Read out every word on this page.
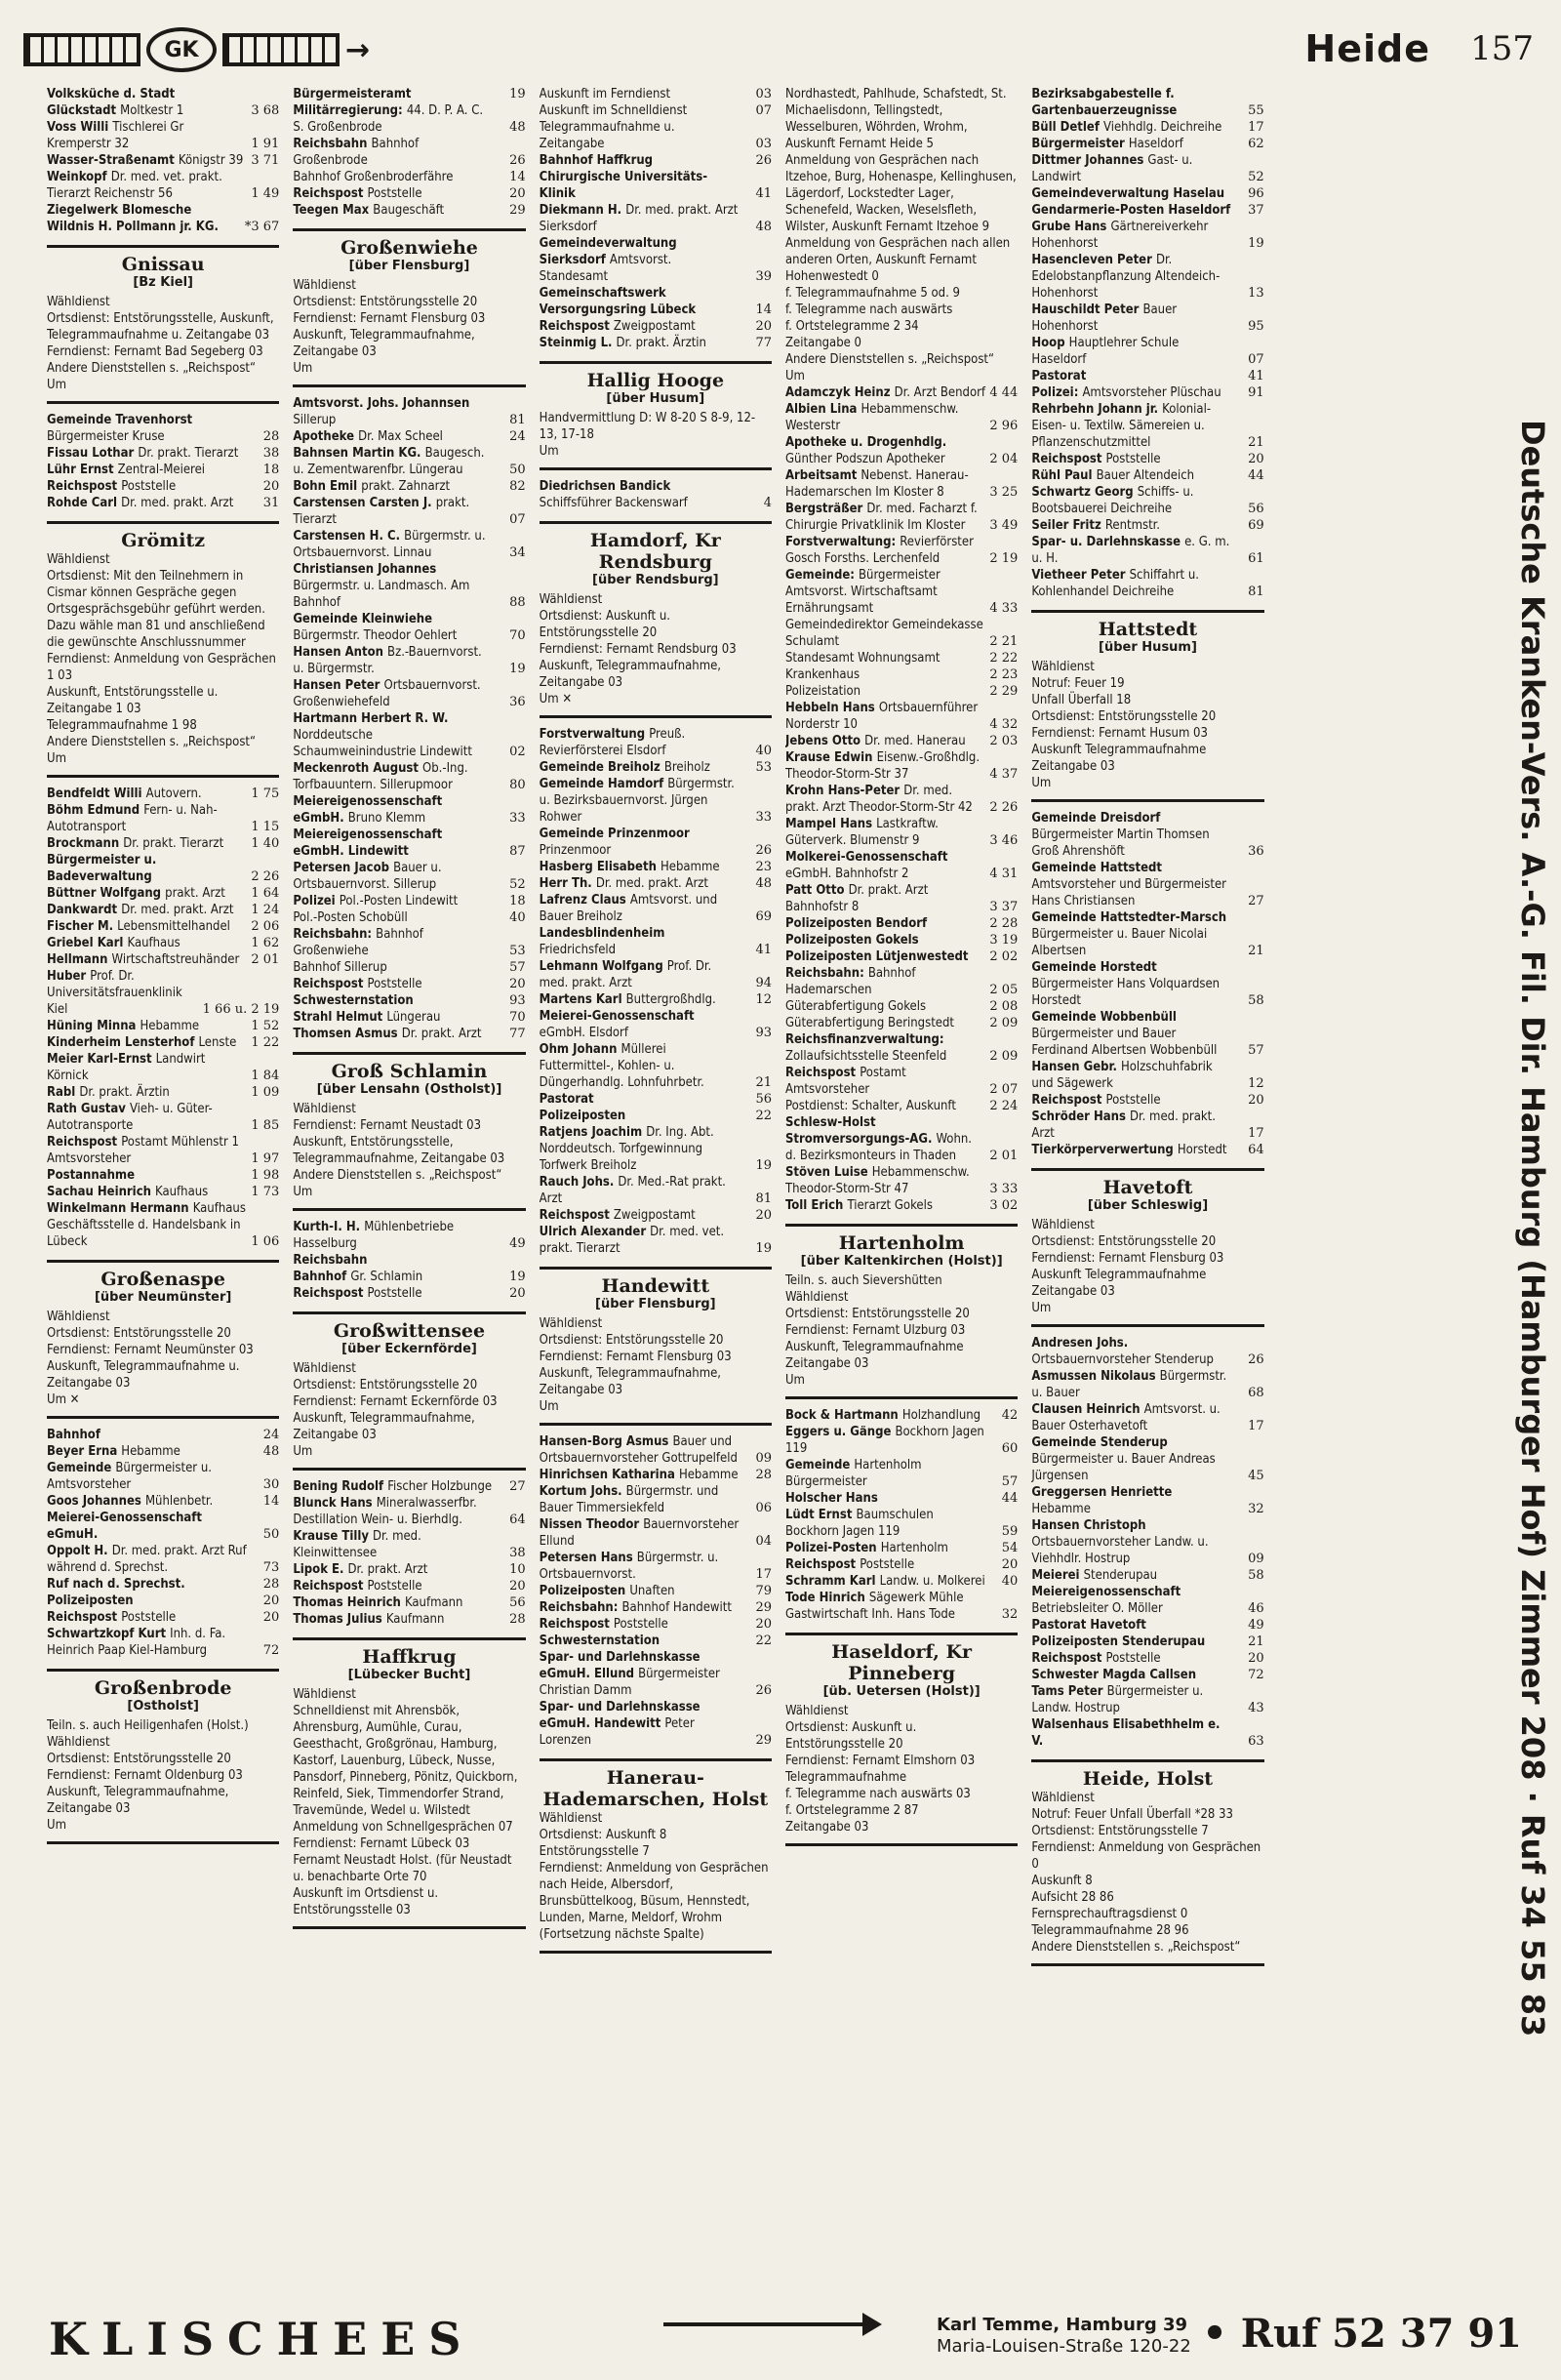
GK	→	Heide 157
Volksküche d. Stadt Glückstadt Moltkestr 1	3 68
Voss Willi Tischlerei Gr Kremperstr 32	1 91
Wasser-Straßenamt Königstr 39 3 71
Weinkopf Dr. med. vet. prakt. Tierarzt Reichenstr 56	1 49
Ziegelwerk Blomesche Wildnis H. Pollmann jr. KG.	*3 67
Gnissau
[Bz Kiel]
Wähldienst
Ortsdienst: Entstörungsstelle, Auskunft, Telegrammaufnahme u. Zeitangabe 03
Ferndienst: Fernamt Bad Segeberg 03
Andere Dienststellen s. „Reichspost“
Um
Gemeinde Travenhorst Bürgermeister Kruse	28
Fissau Lothar Dr. prakt. Tierarzt	38
Lühr Ernst Zentral-Meierei	18
Reichspost Poststelle	20
Rohde Carl Dr. med. prakt. Arzt	31
Grömitz
Wähldienst
Ortsdienst: Mit den Teilnehmern in Cismar können Gespräche gegen Ortsgesprächsgebühr geführt werden. Dazu wähle man 81 und anschließend die gewünschte Anschlussnummer
Ferndienst: Anmeldung von Gesprächen 1 03
Auskunft, Entstörungsstelle u. Zeitangabe 1 03
Telegrammaufnahme 1 98
Andere Dienststellen s. „Reichspost“
Um
Bendfeldt Willi Autovern.	1 75
Böhm Edmund Fern- u. Nah-Autotransport	1 15
Brockmann Dr. prakt. Tierarzt	1 40
Bürgermeister u. Badeverwaltung	2 26
Büttner Wolfgang prakt. Arzt	1 64
Dankwardt Dr. med. prakt. Arzt	1 24
Fischer M. Lebensmittelhandel	2 06
Griebel Karl Kaufhaus	1 62
Hellmann Wirtschaftstreuhänder 2 01
Huber Prof. Dr. Universitätsfrauenklinik Kiel	1 66 u. 2 19
Hüning Minna Hebamme	1 52
Kinderheim Lensterhof Lenste	1 22
Meier Karl-Ernst Landwirt Körnick	1 84
Rabl Dr. prakt. Ärztin	1 09
Rath Gustav Vieh- u. Güter-Autotransporte	1 85
Reichspost Postamt Mühlenstr 1 Amtsvorsteher	1 97
Postannahme	1 98
Sachau Heinrich Kaufhaus	1 73
Winkelmann Hermann Kaufhaus Geschäftsstelle d. Handelsbank in Lübeck	1 06
Großenaspe
[über Neumünster]
Wähldienst
Ortsdienst: Entstörungsstelle 20
Ferndienst: Fernamt Neumünster 03
Auskunft, Telegrammaufnahme u. Zeitangabe 03
Um ✕
Bahnhof	24
Beyer Erna Hebamme	48
Gemeinde Bürgermeister u. Amtsvorsteher	30
Goos Johannes Mühlenbetr.	14
Meierei-Genossenschaft eGmuH.	50
Oppolt H. Dr. med. prakt. Arzt Ruf während d. Sprechst.	73
Ruf nach d. Sprechst.	28
Polizeiposten	20
Reichspost Poststelle	20
Schwartzkopf Kurt Inh. d. Fa. Heinrich Paap Kiel-Hamburg	72
Großenbrode
[Ostholst]
Teiln. s. auch Heiligenhafen (Holst.)
Wähldienst
Ortsdienst: Entstörungsstelle 20
Ferndienst: Fernamt Oldenburg 03
Auskunft, Telegrammaufnahme, Zeitangabe 03
Um
Bürgermeisteramt	19
Militärregierung: 44. D. P. A. C. S. Großenbrode	48
Reichsbahn Bahnhof Großenbrode	26
Bahnhof Großenbroderfähre	14
Reichspost Poststelle	20
Teegen Max Baugeschäft	29
Großenwiehe
[über Flensburg]
Wähldienst
Ortsdienst: Entstörungsstelle 20
Ferndienst: Fernamt Flensburg 03
Auskunft, Telegrammaufnahme, Zeitangabe 03
Um
Amtsvorst. Johs. Johannsen Sillerup	81
Apotheke Dr. Max Scheel	24
Bahnsen Martin KG. Baugesch. u. Zementwarenfbr. Lüngerau	50
Bohn Emil prakt. Zahnarzt	82
Carstensen Carsten J. prakt. Tierarzt	07
Carstensen H. C. Bürgermstr. u. Ortsbauernvorst. Linnau	34
Christiansen Johannes Bürgermstr. u. Landmasch. Am Bahnhof	88
Gemeinde Kleinwiehe Bürgermstr. Theodor Oehlert	70
Hansen Anton Bz.-Bauernvorst. u. Bürgermstr.	19
Hansen Peter Ortsbauernvorst. Großenwiehefeld	36
Hartmann Herbert R. W. Norddeutsche Schaumweinindustrie Lindewitt	02
Meckenroth August Ob.-Ing. Torfbauuntern. Sillerupmoor	80
Meiereigenossenschaft eGmbH. Bruno Klemm	33
Meiereigenossenschaft eGmbH. Lindewitt	87
Petersen Jacob Bauer u. Ortsbauernvorst. Sillerup	52
Polizei Pol.-Posten Lindewitt	18
Pol.-Posten Schobüll	40
Reichsbahn: Bahnhof Großenwiehe	53
Bahnhof Sillerup	57
Reichspost Poststelle	20
Schwesternstation	93
Strahl Helmut Lüngerau	70
Thomsen Asmus Dr. prakt. Arzt	77
Groß Schlamin
[über Lensahn (Ostholst)]
Wähldienst
Ferndienst: Fernamt Neustadt 03
Auskunft, Entstörungsstelle, Telegrammaufnahme, Zeitangabe 03
Andere Dienststellen s. „Reichspost“
Um
Kurth-I. H. Mühlenbetriebe Hasselburg	49
Reichsbahn
Bahnhof Gr. Schlamin	19
Reichspost Poststelle	20
Großwittensee
[über Eckernförde]
Wähldienst
Ortsdienst: Entstörungsstelle 20
Ferndienst: Fernamt Eckernförde 03
Auskunft, Telegrammaufnahme, Zeitangabe 03
Um
Bening Rudolf Fischer Holzbunge	27
Blunck Hans Mineralwasserfbr. Destillation Wein- u. Bierhdlg.	64
Krause Tilly Dr. med. Kleinwittensee	38
Lipok E. Dr. prakt. Arzt	10
Reichspost Poststelle	20
Thomas Heinrich Kaufmann	56
Thomas Julius Kaufmann	28
Haffkrug
[Lübecker Bucht]
Wähldienst
Schnelldienst mit Ahrensbök, Ahrensburg, Aumühle, Curau, Geesthacht, Großgrönau, Hamburg, Kastorf, Lauenburg, Lübeck, Nusse, Pansdorf, Pinneberg, Pönitz, Quickborn, Reinfeld, Siek, Timmendorfer Strand, Travemünde, Wedel u. Wilstedt
Anmeldung von Schnellgesprächen 07
Ferndienst: Fernamt Lübeck 03
Fernamt Neustadt Holst. (für Neustadt u. benachbarte Orte 70
Auskunft im Ortsdienst u. Entstörungsstelle 03
Auskunft im Ferndienst	03
Auskunft im Schnelldienst	07
Telegrammaufnahme u. Zeitangabe	03
Bahnhof Haffkrug	26
Chirurgische Universitäts-Klinik	41
Diekmann H. Dr. med. prakt. Arzt Sierksdorf	48
Gemeindeverwaltung Sierksdorf Amtsvorst. Standesamt	39
Gemeinschaftswerk Versorgungsring Lübeck	14
Reichspost Zweigpostamt	20
Steinmig L. Dr. prakt. Ärztin	77
Hallig Hooge
[über Husum]
Handvermittlung D: W 8-20 S 8-9, 12-13, 17-18
Um
Diedrichsen Bandick Schiffsführer Backenswarf	4
Hamdorf, Kr Rendsburg
[über Rendsburg]
Wähldienst
Ortsdienst: Auskunft u. Entstörungsstelle 20
Ferndienst: Fernamt Rendsburg 03
Auskunft, Telegrammaufnahme, Zeitangabe 03
Um ✕
Forstverwaltung Preuß. Revierförsterei Elsdorf	40
Gemeinde Breiholz Breiholz	53
Gemeinde Hamdorf Bürgermstr. u. Bezirksbauernvorst. Jürgen Rohwer	33
Gemeinde Prinzenmoor Prinzenmoor	26
Hasberg Elisabeth Hebamme	23
Herr Th. Dr. med. prakt. Arzt	48
Lafrenz Claus Amtsvorst. und Bauer Breiholz	69
Landesblindenheim Friedrichsfeld	41
Lehmann Wolfgang Prof. Dr. med. prakt. Arzt	94
Martens Karl Buttergroßhdlg.	12
Meierei-Genossenschaft eGmbH. Elsdorf	93
Ohm Johann Müllerei Futtermittel-, Kohlen- u. Düngerhandlg. Lohnfuhrbetr.	21
Pastorat	56
Polizeiposten	22
Ratjens Joachim Dr. Ing. Abt. Norddeutsch. Torfgewinnung Torfwerk Breiholz	19
Rauch Johs. Dr. Med.-Rat prakt. Arzt	81
Reichspost Zweigpostamt	20
Ulrich Alexander Dr. med. vet. prakt. Tierarzt	19
Handewitt
[über Flensburg]
Wähldienst
Ortsdienst: Entstörungsstelle 20
Ferndienst: Fernamt Flensburg 03
Auskunft, Telegrammaufnahme, Zeitangabe 03
Um
Hansen-Borg Asmus Bauer und Ortsbauernvorsteher Gottrupelfeld	09
Hinrichsen Katharina Hebamme	28
Kortum Johs. Bürgermstr. und Bauer Timmersiekfeld	06
Nissen Theodor Bauernvorsteher Ellund	04
Petersen Hans Bürgermstr. u. Ortsbauernvorst.	17
Polizeiposten Unaften	79
Reichsbahn: Bahnhof Handewitt	29
Reichspost Poststelle	20
Schwesternstation	22
Spar- und Darlehnskasse eGmuH. Ellund Bürgermeister Christian Damm	26
Spar- und Darlehnskasse eGmuH. Handewitt Peter Lorenzen	29
Hanerau-Hademarschen, Holst
Wähldienst
Ortsdienst: Auskunft 8
Entstörungsstelle 7
Ferndienst: Anmeldung von Gesprächen nach Heide, Albersdorf, Brunsbüttelkoog, Büsum, Hennstedt, Lunden, Marne, Meldorf, Wrohm
(Fortsetzung nächste Spalte)
Nordhastedt, Pahlhude, Schafstedt, St. Michaelisdonn, Tellingstedt, Wesselburen, Wöhrden, Wrohm, Auskunft Fernamt Heide 5
Anmeldung von Gesprächen nach Itzehoe, Burg, Hohenaspe, Kellinghusen, Lägerdorf, Lockstedter Lager, Schenefeld, Wacken, Weselsfleth, Wilster, Auskunft Fernamt Itzehoe 9
Anmeldung von Gesprächen nach allen anderen Orten, Auskunft Fernamt Hohenwestedt 0
f. Telegrammaufnahme 5 od. 9
f. Telegramme nach auswärts
f. Ortstelegramme 2 34
Zeitangabe 0
Andere Dienststellen s. „Reichspost“
Um
Adamczyk Heinz Dr. Arzt Bendorf 4 44
Albien Lina Hebammenschw. Westerstr	2 96
Apotheke u. Drogenhdlg. Günther Podszun Apotheker	2 04
Arbeitsamt Nebenst. Hanerau-Hademarschen Im Kloster 8	3 25
Bergsträßer Dr. med. Facharzt f. Chirurgie Privatklinik Im Kloster	3 49
Forstverwaltung: Revierförster Gosch Forsths. Lerchenfeld	2 19
Gemeinde: Bürgermeister Amtsvorst. Wirtschaftsamt Ernährungsamt	4 33
Gemeindedirektor Gemeindekasse Schulamt	2 21
Standesamt Wohnungsamt	2 22
Krankenhaus	2 23
Polizeistation	2 29
Hebbeln Hans Ortsbauernführer Norderstr 10	4 32
Jebens Otto Dr. med. Hanerau	2 03
Krause Edwin Eisenw.-Großhdlg. Theodor-Storm-Str 37	4 37
Krohn Hans-Peter Dr. med. prakt. Arzt Theodor-Storm-Str 42	2 26
Mampel Hans Lastkraftw. Güterverk. Blumenstr 9	3 46
Molkerei-Genossenschaft eGmbH. Bahnhofstr 2	4 31
Patt Otto Dr. prakt. Arzt Bahnhofstr 8	3 37
Polizeiposten Bendorf	2 28
Polizeiposten Gokels	3 19
Polizeiposten Lütjenwestedt	2 02
Reichsbahn: Bahnhof Hademarschen	2 05
Güterabfertigung Gokels	2 08
Güterabfertigung Beringstedt	2 09
Reichsfinanzverwaltung: Zollaufsichtsstelle Steenfeld	2 09
Reichspost Postamt Amtsvorsteher	2 07
Postdienst: Schalter, Auskunft	2 24
Schlesw-Holst Stromversorgungs-AG. Wohn. d. Bezirksmonteurs in Thaden	2 01
Stöven Luise Hebammenschw. Theodor-Storm-Str 47	3 33
Toll Erich Tierarzt Gokels	3 02
Hartenholm
[über Kaltenkirchen (Holst)]
Teiln. s. auch Sievershütten
Wähldienst
Ortsdienst: Entstörungsstelle 20
Ferndienst: Fernamt Ulzburg 03
Auskunft, Telegrammaufnahme Zeitangabe 03
Um
Bock & Hartmann Holzhandlung	42
Eggers u. Gänge Bockhorn Jagen 119	60
Gemeinde Hartenholm Bürgermeister	57
Holscher Hans	44
Lüdt Ernst Baumschulen Bockhorn Jagen 119	59
Polizei-Posten Hartenholm	54
Reichspost Poststelle	20
Schramm Karl Landw. u. Molkerei	40
Tode Hinrich Sägewerk Mühle Gastwirtschaft Inh. Hans Tode	32
Haseldorf, Kr Pinneberg
[üb. Uetersen (Holst)]
Wähldienst
Ortsdienst: Auskunft u. Entstörungsstelle 20
Ferndienst: Fernamt Elmshorn 03
Telegrammaufnahme
f. Telegramme nach auswärts 03
f. Ortstelegramme 2 87
Zeitangabe 03
Bezirksabgabestelle f. Gartenbauerzeugnisse	55
Büll Detlef Viehhdlg. Deichreihe	17
Bürgermeister Haseldorf	62
Dittmer Johannes Gast- u. Landwirt	52
Gemeindeverwaltung Haselau	96
Gendarmerie-Posten Haseldorf	37
Grube Hans Gärtnereiverkehr Hohenhorst	19
Hasencleven Peter Dr. Edelobstanpflanzung Altendeich-Hohenhorst	13
Hauschildt Peter Bauer Hohenhorst	95
Hoop Hauptlehrer Schule Haseldorf	07
Pastorat	41
Polizei: Amtsvorsteher Plüschau	91
Rehrbehn Johann jr. Kolonial-Eisen- u. Textilw. Sämereien u. Pflanzenschutzmittel	21
Reichspost Poststelle	20
Rühl Paul Bauer Altendeich	44
Schwartz Georg Schiffs- u. Bootsbauerei Deichreihe	56
Seiler Fritz Rentmstr.	69
Spar- u. Darlehnskasse e. G. m. u. H.	61
Vietheer Peter Schiffahrt u. Kohlenhandel Deichreihe	81
Hattstedt
[über Husum]
Wähldienst
Notruf: Feuer 19
Unfall Überfall 18
Ortsdienst: Entstörungsstelle 20
Ferndienst: Fernamt Husum 03
Auskunft Telegrammaufnahme Zeitangabe 03
Um
Gemeinde Dreisdorf Bürgermeister Martin Thomsen Groß Ahrenshöft	36
Gemeinde Hattstedt Amtsvorsteher und Bürgermeister Hans Christiansen	27
Gemeinde Hattstedter-Marsch Bürgermeister u. Bauer Nicolai Albertsen	21
Gemeinde Horstedt Bürgermeister Hans Volquardsen Horstedt	58
Gemeinde Wobbenbüll Bürgermeister und Bauer Ferdinand Albertsen Wobbenbüll	57
Hansen Gebr. Holzschuhfabrik und Sägewerk	12
Reichspost Poststelle	20
Schröder Hans Dr. med. prakt. Arzt	17
Tierkörperverwertung Horstedt	64
Havetoft
[über Schleswig]
Wähldienst
Ortsdienst: Entstörungsstelle 20
Ferndienst: Fernamt Flensburg 03
Auskunft Telegrammaufnahme Zeitangabe 03
Um
Andresen Johs. Ortsbauernvorsteher Stenderup	26
Asmussen Nikolaus Bürgermstr. u. Bauer	68
Clausen Heinrich Amtsvorst. u. Bauer Osterhavetoft	17
Gemeinde Stenderup Bürgermeister u. Bauer Andreas Jürgensen	45
Greggersen Henriette Hebamme	32
Hansen Christoph Ortsbauernvorsteher Landw. u. Viehhdlr. Hostrup	09
Meierei Stenderupau	58
Meiereigenossenschaft Betriebsleiter O. Möller	46
Pastorat Havetoft	49
Polizeiposten Stenderupau	21
Reichspost Poststelle	20
Schwester Magda Callsen	72
Tams Peter Bürgermeister u. Landw. Hostrup	43
Walsenhaus Elisabethhelm e. V.	63
Heide, Holst
Wähldienst
Notruf: Feuer Unfall Überfall *28 33
Ortsdienst: Entstörungsstelle 7
Ferndienst: Anmeldung von Gesprächen 0
Auskunft 8
Aufsicht 28 86
Fernsprechauftragsdienst 0
Telegrammaufnahme 28 96
Andere Dienststellen s. „Reichspost“	Deutsche Kranken-Vers. A.-G. Fil. Dir. Hamburg (Hamburger Hof) Zimmer 208 · Ruf 34 55 83
KLISCHEES	Karl Temme, Hamburg 39
Maria-Louisen-Straße 120-22 • Ruf 52 37 91
